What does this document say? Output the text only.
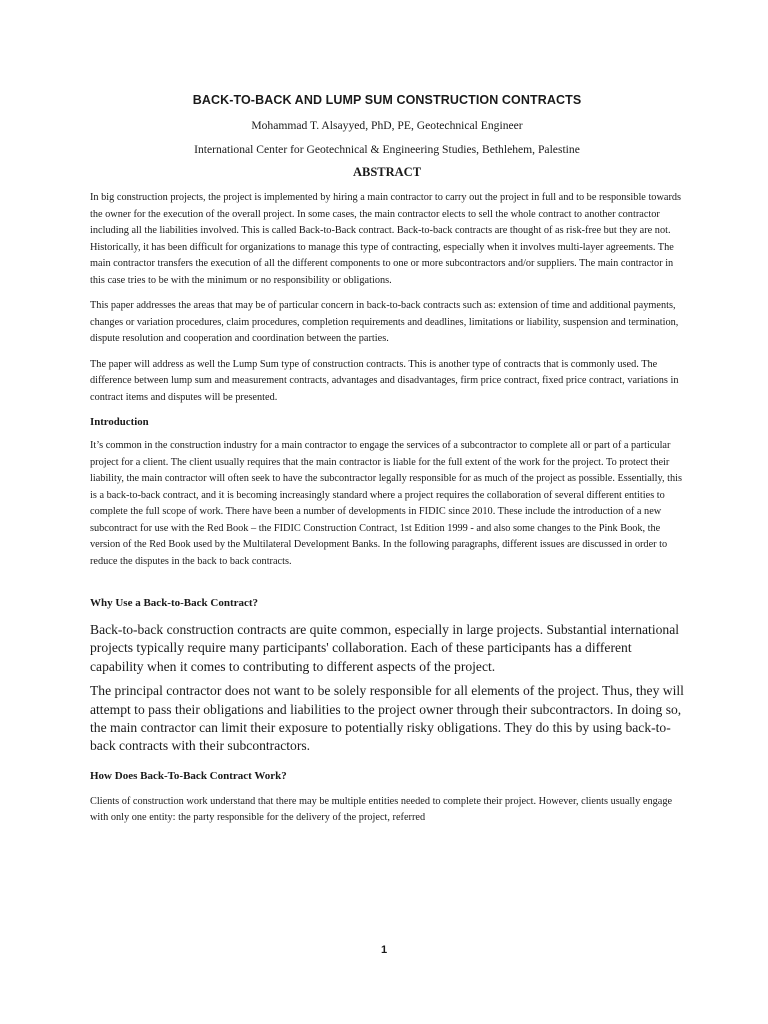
BACK-TO-BACK AND LUMP SUM CONSTRUCTION CONTRACTS

Mohammad T. Alsayyed, PhD, PE, Geotechnical Engineer

International Center for Geotechnical & Engineering Studies, Bethlehem, Palestine

ABSTRACT

In big construction projects, the project is implemented by hiring a main contractor to carry out the project in full and to be responsible towards the owner for the execution of the overall project. In some cases, the main contractor elects to sell the whole contract to another contractor including all the liabilities involved. This is called Back-to-Back contract. Back-to-back contracts are thought of as risk-free but they are not. Historically, it has been difficult for organizations to manage this type of contracting, especially when it involves multi-layer agreements. The main contractor transfers the execution of all the different components to one or more subcontractors and/or suppliers. The main contractor in this case tries to be with the minimum or no responsibility or obligations.

This paper addresses the areas that may be of particular concern in back-to-back contracts such as: extension of time and additional payments, changes or variation procedures, claim procedures, completion requirements and deadlines, limitations or liability, suspension and termination, dispute resolution and cooperation and coordination between the parties.

The paper will address as well the Lump Sum type of construction contracts. This is another type of contracts that is commonly used. The difference between lump sum and measurement contracts, advantages and disadvantages, firm price contract, fixed price contract, variations in contract items and disputes will be presented.

Introduction

It’s common in the construction industry for a main contractor to engage the services of a subcontractor to complete all or part of a particular project for a client. The client usually requires that the main contractor is liable for the full extent of the work for the project. To protect their liability, the main contractor will often seek to have the subcontractor legally responsible for as much of the project as possible. Essentially, this is a back-to-back contract, and it is becoming increasingly standard where a project requires the collaboration of several different entities to complete the full scope of work. There have been a number of developments in FIDIC since 2010. These include the introduction of a new subcontract for use with the Red Book – the FIDIC Construction Contract, 1st Edition 1999 - and also some changes to the Pink Book, the version of the Red Book used by the Multilateral Development Banks. In the following paragraphs, different issues are discussed in order to reduce the disputes in the back to back contracts.

Why Use a Back-to-Back Contract?

Back-to-back construction contracts are quite common, especially in large projects. Substantial international projects typically require many participants' collaboration. Each of these participants has a different capability when it comes to contributing to different aspects of the project.

The principal contractor does not want to be solely responsible for all elements of the project. Thus, they will attempt to pass their obligations and liabilities to the project owner through their subcontractors. In doing so, the main contractor can limit their exposure to potentially risky obligations. They do this by using back-to-back contracts with their subcontractors.

How Does Back-To-Back Contract Work?

Clients of construction work understand that there may be multiple entities needed to complete their project. However, clients usually engage with only one entity: the party responsible for the delivery of the project, referred

1
